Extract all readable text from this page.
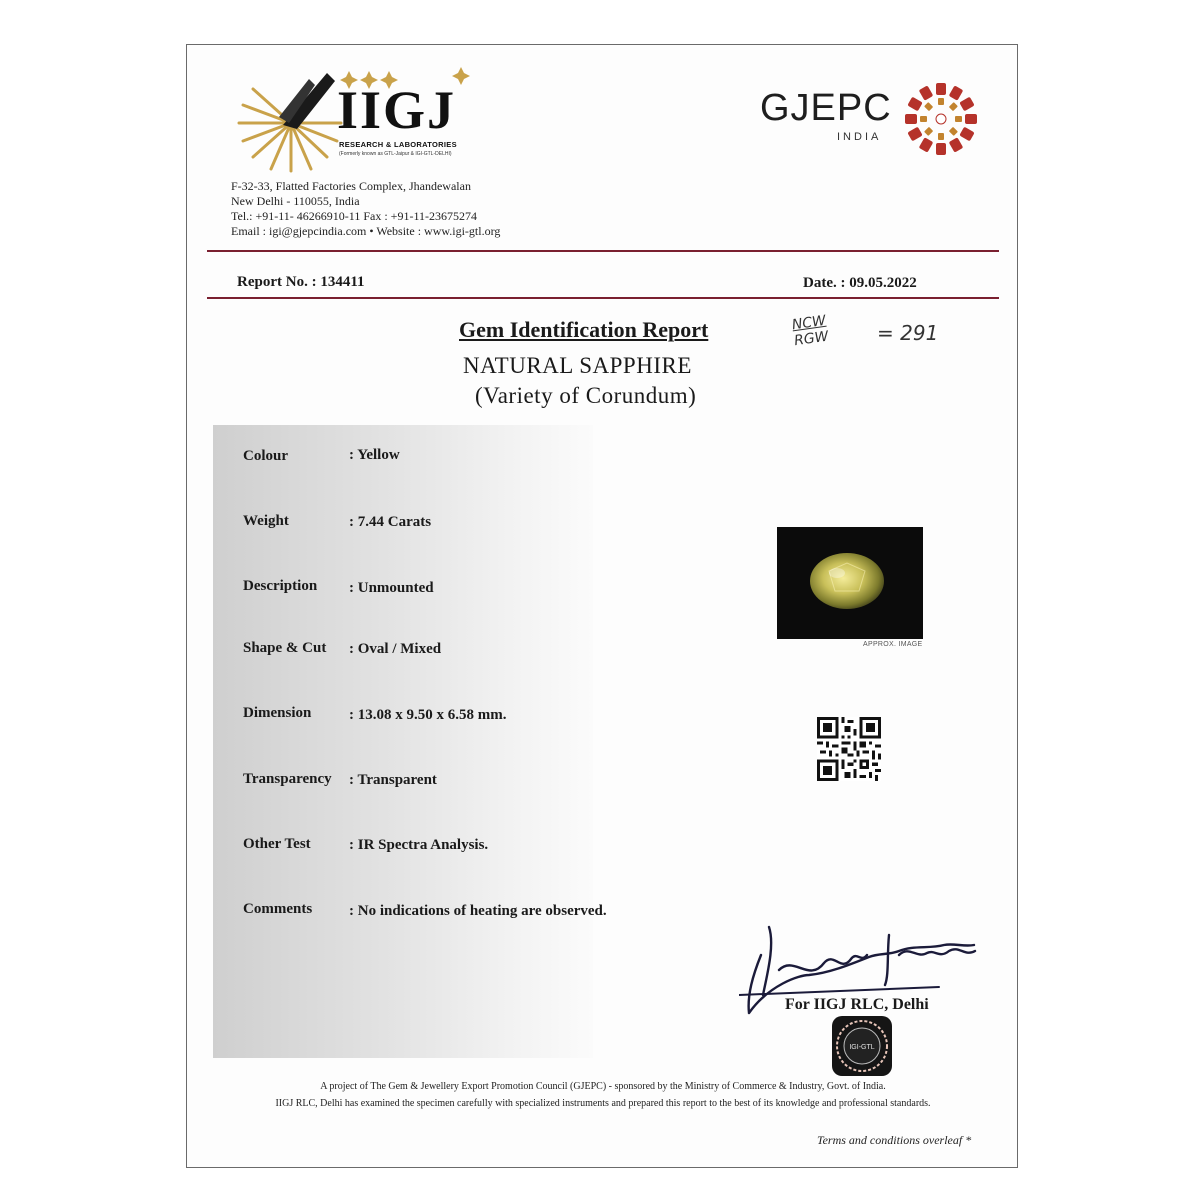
IIGJ
RESEARCH & LABORATORIES
(Formerly known as GTL-Jaipur & IGI-GTL-DELHI)
GJEPC
INDIA
F-32-33, Flatted Factories Complex, Jhandewalan
New Delhi - 110055, India
Tel.: +91-11- 46266910-11 Fax : +91-11-23675274
Email : igi@gjepcindia.com • Website : www.igi-gtl.org
Report No. : 134411	Date. : 09.05.2022
Gem Identification Report
NATURAL SAPPHIRE
(Variety of Corundum)
NCW
RGW = 291
Colour	: Yellow
Weight	: 7.44 Carats
Description : Unmounted
Shape & Cut : Oval / Mixed
Dimension	: 13.08 x 9.50 x 6.58 mm.
Transparency : Transparent
Other Test	: IR Spectra Analysis.
Comments : No indications of heating are observed.
APPROX. IMAGE
For IIGJ RLC, Delhi
IGI-GTL
A project of The Gem & Jewellery Export Promotion Council (GJEPC) - sponsored by the Ministry of Commerce & Industry, Govt. of India.
IIGJ RLC, Delhi has examined the specimen carefully with specialized instruments and prepared this report to the best of its knowledge and professional standards.
Terms and conditions overleaf *
